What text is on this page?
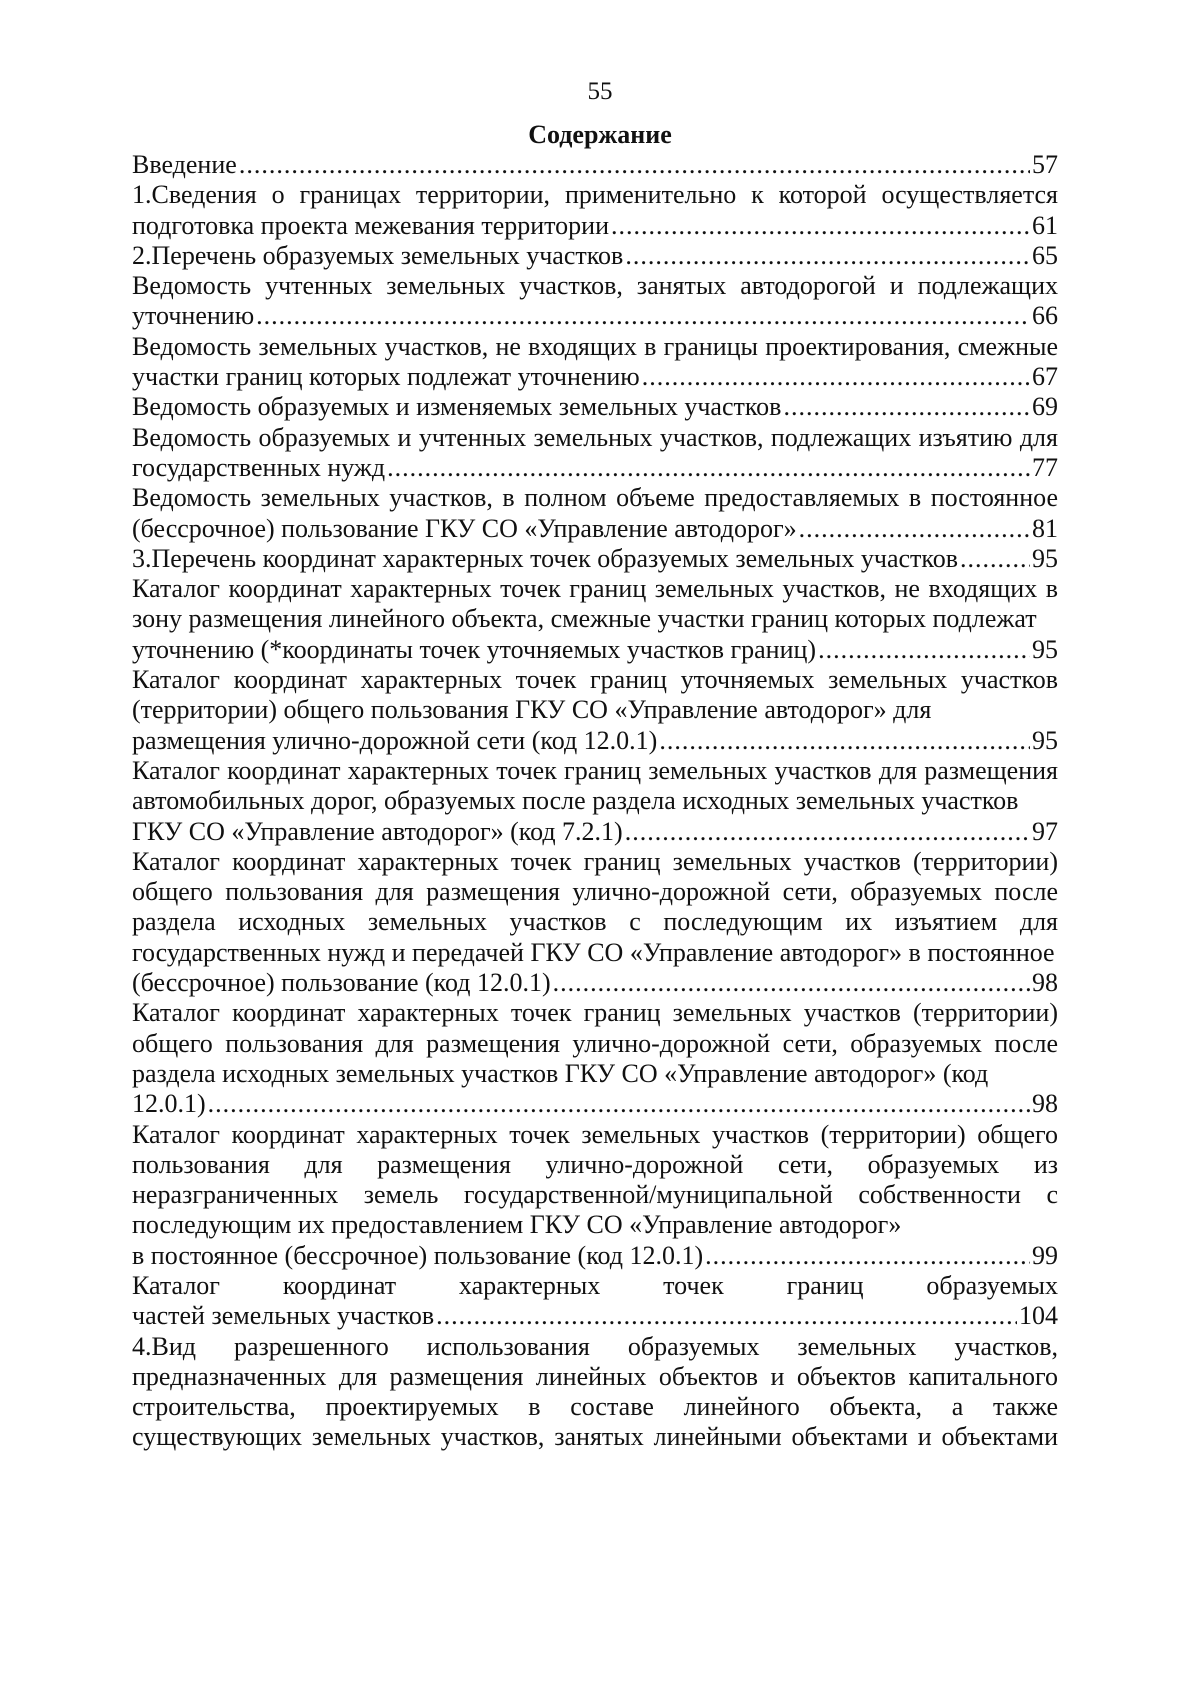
55
Содержание
Введение .....	57
1.Сведения о границах территории, применительно к которой осуществляется
подготовка проекта межевания территории .....	61
2.Перечень образуемых земельных участков .....	65
Ведомость учтенных земельных участков, занятых автодорогой и подлежащих
уточнению .....	66
Ведомость земельных участков, не входящих в границы проектирования, смежные
участки границ которых подлежат уточнению .....	67
Ведомость образуемых и изменяемых земельных участков .....	69
Ведомость образуемых и учтенных земельных участков, подлежащих изъятию для
государственных нужд .....	77
Ведомость земельных участков, в полном объеме предоставляемых в постоянное
(бессрочное) пользование ГКУ СО «Управление автодорог» .....	81
3.Перечень координат характерных точек образуемых земельных участков .....	95
Каталог координат характерных точек границ земельных участков, не входящих в зону размещения линейного объекта, смежные участки границ которых подлежат
уточнению (*координаты точек уточняемых участков границ) .....	95
Каталог координат характерных точек границ уточняемых земельных участков (территории) общего пользования ГКУ СО «Управление автодорог» для
размещения улично-дорожной сети (код 12.0.1) .....	95
Каталог координат характерных точек границ земельных участков для размещения автомобильных дорог, образуемых после раздела исходных земельных участков
ГКУ СО «Управление автодорог» (код 7.2.1) .....	97
Каталог координат характерных точек границ земельных участков (территории) общего пользования для размещения улично-дорожной сети, образуемых после раздела исходных земельных участков с последующим их изъятием для государственных нужд и передачей ГКУ СО «Управление автодорог» в постоянное
(бессрочное) пользование (код 12.0.1) .....	98
Каталог координат характерных точек границ земельных участков (территории) общего пользования для размещения улично-дорожной сети, образуемых после раздела исходных земельных участков ГКУ СО «Управление автодорог» (код
12.0.1) .....	98
Каталог координат характерных точек земельных участков (территории) общего пользования для размещения улично-дорожной сети, образуемых из неразграниченных земель государственной/муниципальной собственности с последующим их предоставлением ГКУ СО «Управление автодорог»
в постоянное (бессрочное) пользование (код 12.0.1) .....	99
Каталог координат характерных точек границ образуемых
частей земельных участков .....	104
4.Вид разрешенного использования образуемых земельных участков, предназначенных для размещения линейных объектов и объектов капитального строительства, проектируемых в составе линейного объекта, а также существующих земельных участков, занятых линейными объектами и объектами
